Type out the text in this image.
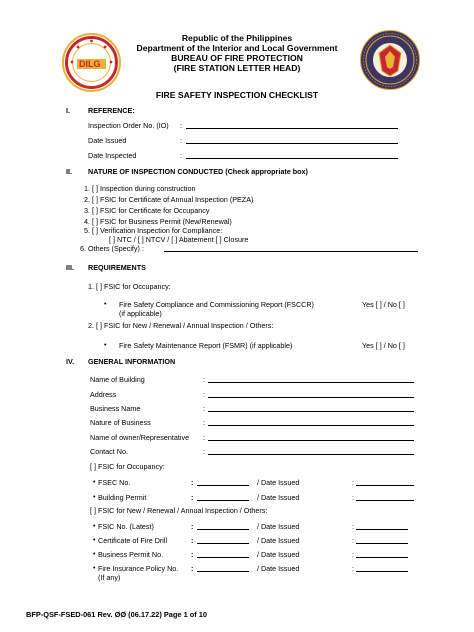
DILG
Republic of the Philippines
Department of the Interior and Local Government
BUREAU OF FIRE PROTECTION
(FIRE STATION LETTER HEAD)
FIRE SAFETY INSPECTION CHECKLIST
I.	REFERENCE:
Inspection Order No. (IO) :
Date Issued	:
Date Inspected	:
II. NATURE OF INSPECTION CONDUCTED (Check appropriate box)
1. [ ] Inspection during construction
2. [ ] FSIC for Certificate of Annual Inspection (PEZA)
3. [ ] FSIC for Certificate for Occupancy
4. [ ] FSIC for Business Permit (New/Renewal)
5. [ ] Verification Inspection for Compliance:
[ ] NTC / [ ] NTCV / [ ] Abatement [ ] Closure
6. Others (Specify) :
III. REQUIREMENTS
1. [ ] FSIC for Occupancy:
• Fire Safety Compliance and Commissioning Report (FSCCR)
(if applicable)
Yes [ ] / No [ ]
2. [ ] FSIC for New / Renewal / Annual Inspection / Others:
• Fire Safety Maintenance Report (FSMR) (if applicable)	Yes [ ] / No [ ]
IV. GENERAL INFORMATION
Name of Building	:
Address	:
Business Name	:
Nature of Business	:
Name of owner/Representative :
Contact No.	:
[ ] FSIC for Occupancy:
• FSEC No.	:	/ Date Issued	:
• Building Permit	:	/ Date Issued	:
[ ] FSIC for New / Renewal / Annual Inspection / Others:
• FSIC No. (Latest)	:	/ Date Issued	:
• Certificate of Fire Drill	:	/ Date Issued	:
• Business Permit No.	:	/ Date Issued	:
• Fire Insurance Policy No.
(If any)
:	/ Date Issued	:
BFP-QSF-FSED-061 Rev. ØØ (06.17.22) Page 1 of 10
